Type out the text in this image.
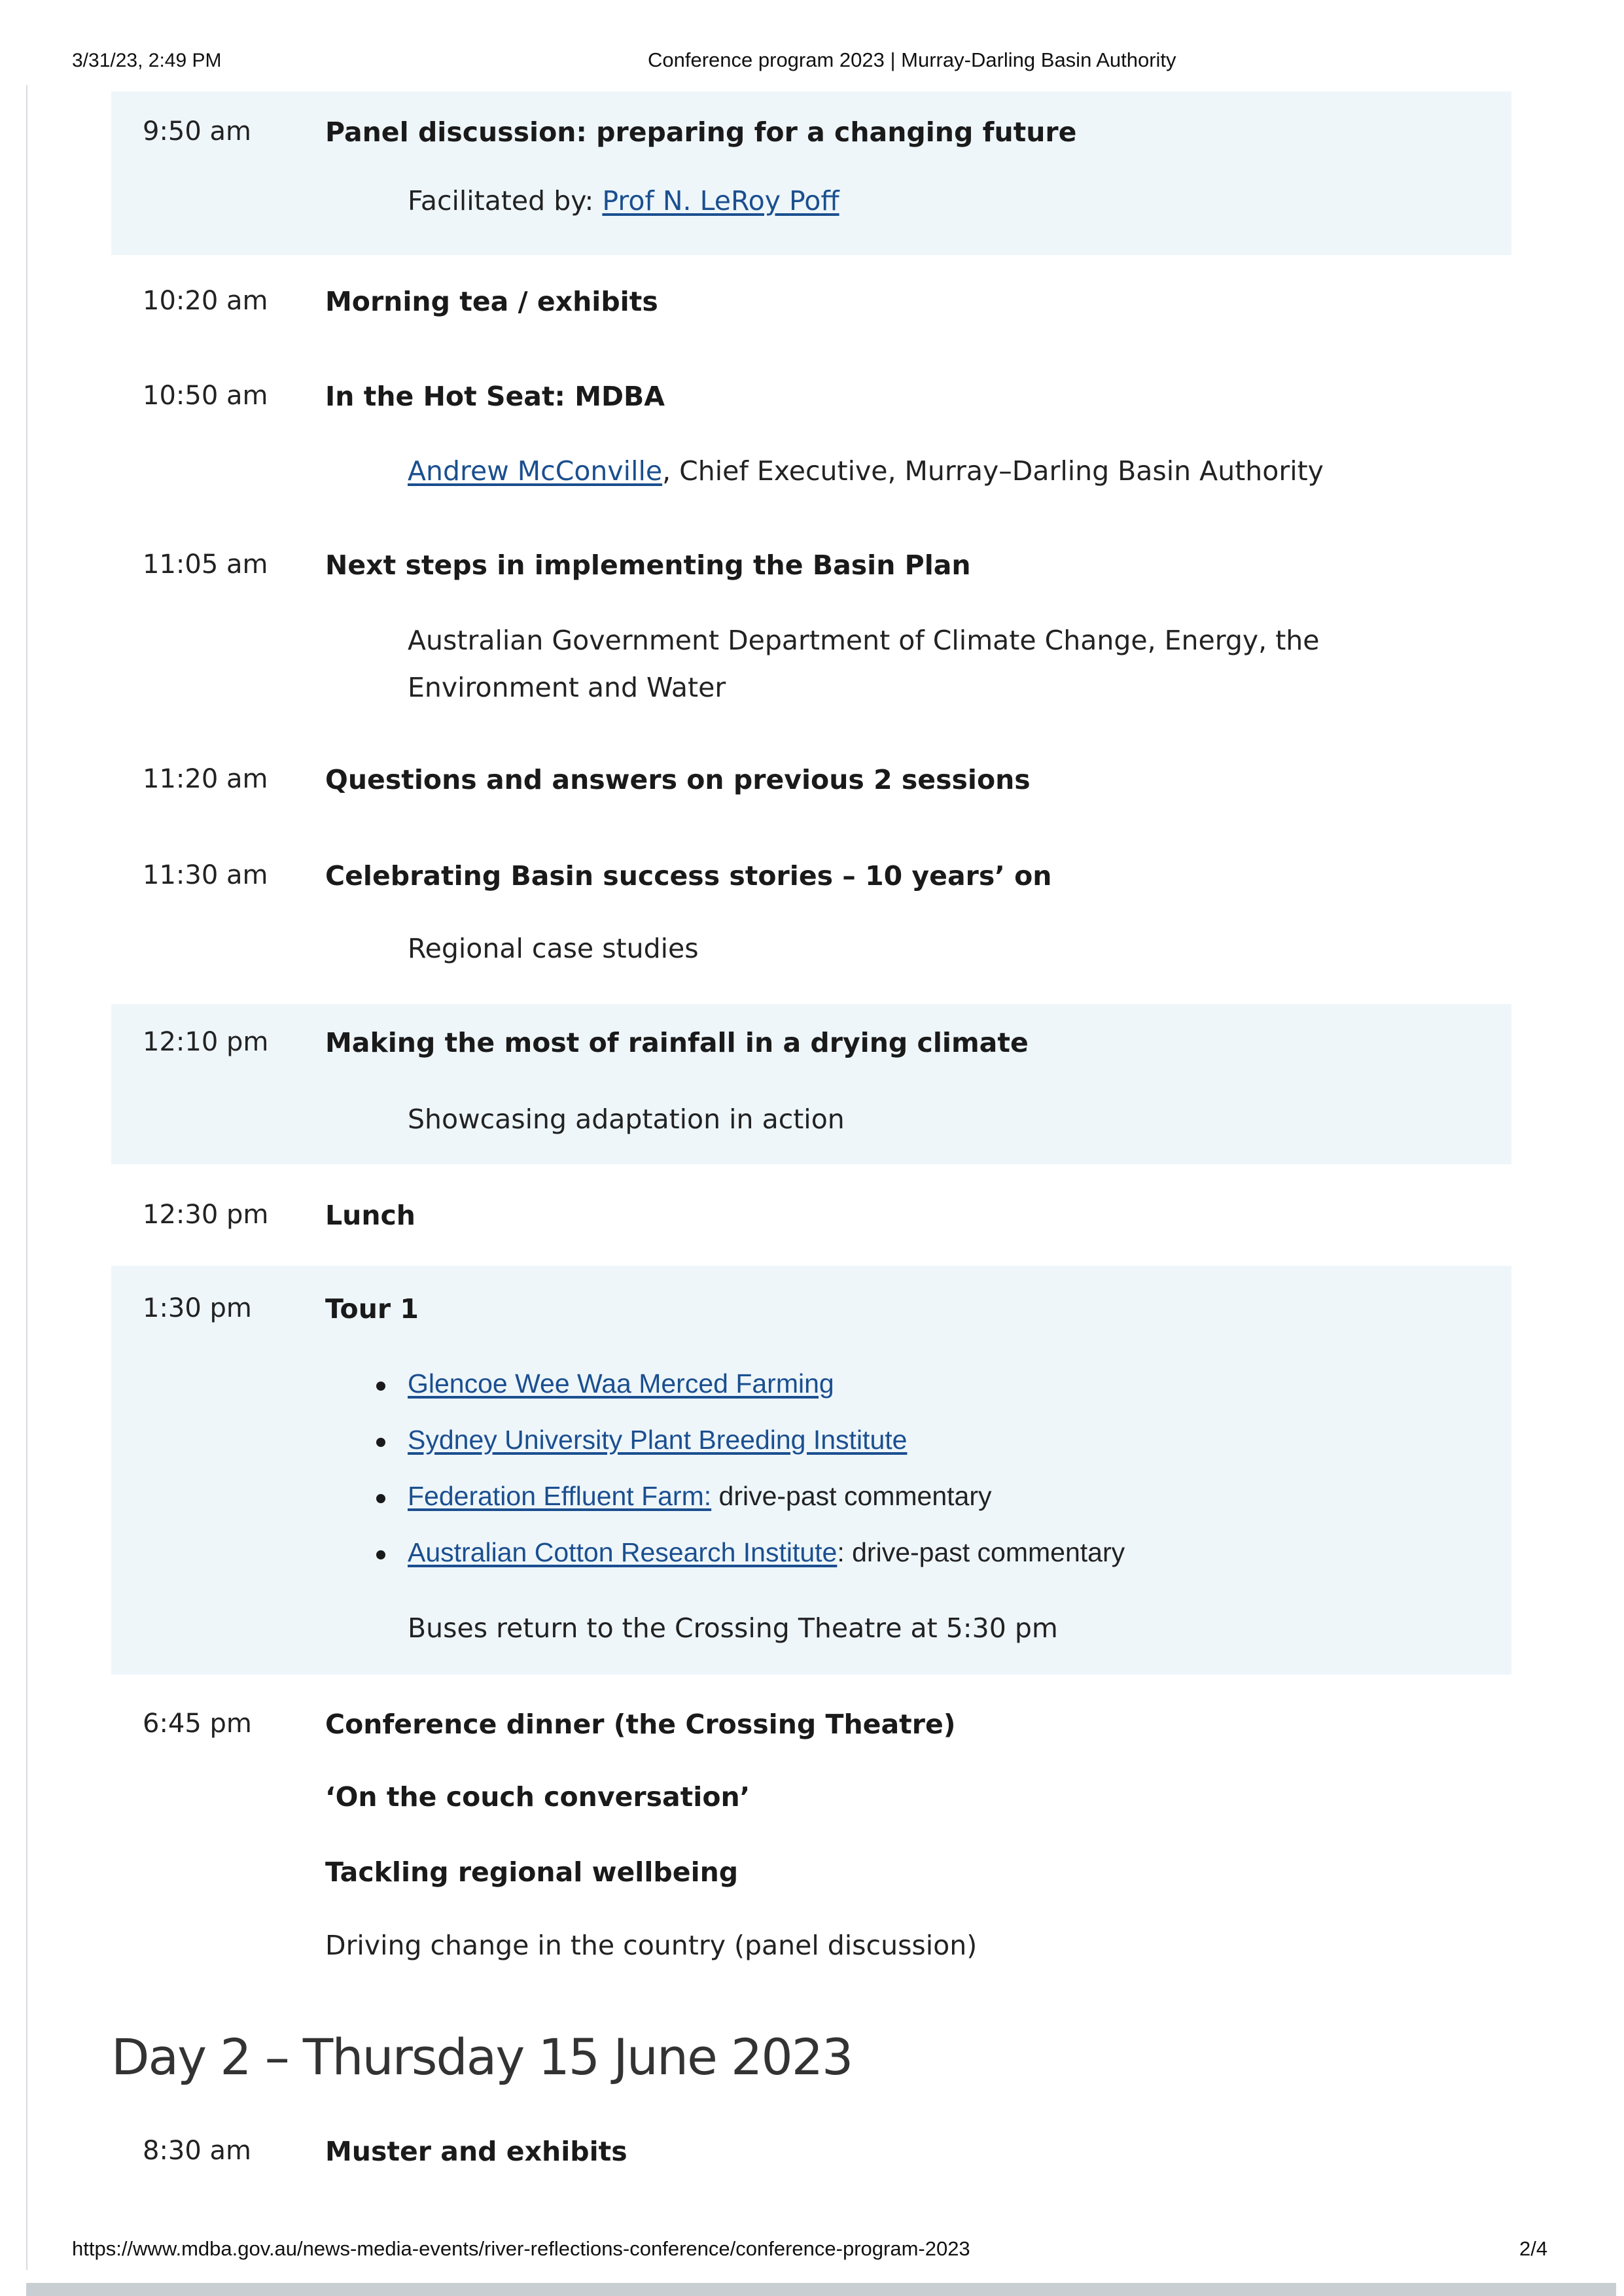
3/31/23, 2:49 PM	Conference program 2023 | Murray-Darling Basin Authority
9:50 am	Panel discussion: preparing for a changing future
Facilitated by: Prof N. LeRoy Poff
10:20 am Morning tea / exhibits
10:50 am In the Hot Seat: MDBA
Andrew McConville, Chief Executive, Murray–Darling Basin Authority
11:05 am Next steps in implementing the Basin Plan
Australian Government Department of Climate Change, Energy, the
Environment and Water
11:20 am Questions and answers on previous 2 sessions
11:30 am Celebrating Basin success stories – 10 years’ on
Regional case studies
12:10 pm Making the most of rainfall in a drying climate
Showcasing adaptation in action
12:30 pm Lunch
1:30 pm	Tour 1
Glencoe Wee Waa Merced Farming
Sydney University Plant Breeding Institute
Federation Effluent Farm: drive-past commentary
Australian Cotton Research Institute: drive-past commentary
Buses return to the Crossing Theatre at 5:30 pm
6:45 pm	Conference dinner (the Crossing Theatre)
‘On the couch conversation’
Tackling regional wellbeing
Driving change in the country (panel discussion)
Day 2 – Thursday 15 June 2023
8:30 am	Muster and exhibits
https://www.mdba.gov.au/news-media-events/river-reflections-conference/conference-program-2023	2/4
